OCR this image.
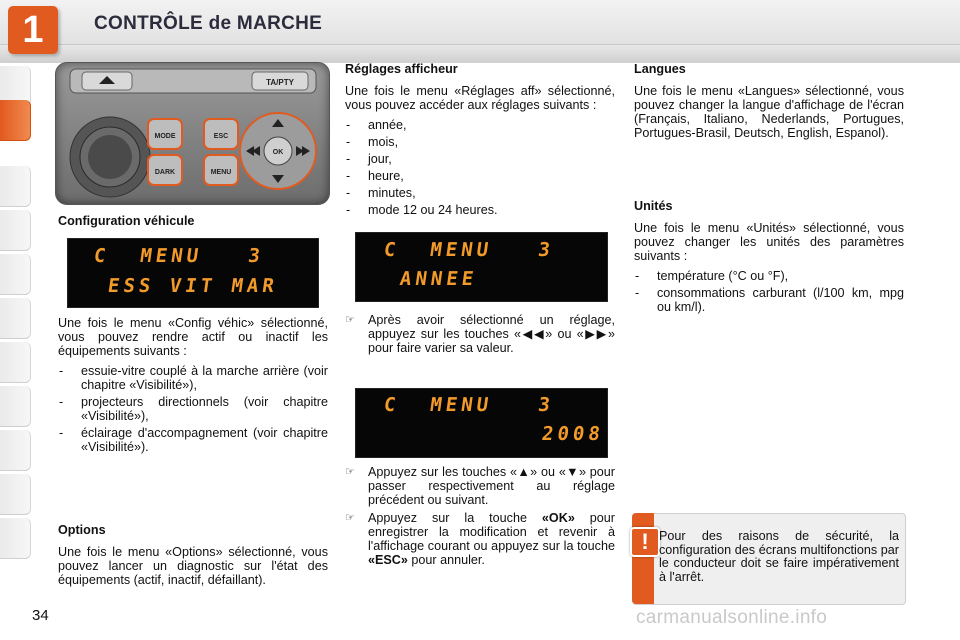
1	CONTRÔLE de MARCHE
TA/PTY
MODE
DARK
ESC
MENU
OK
Configuration véhicule
C  MENU   3
ESS VIT MAR

Une fois le menu «Config véhic» sélectionné, vous pouvez rendre actif ou inactif les équipements suivants :

- essuie-vitre couplé à la marche arrière (voir chapitre «Visibilité»),
- projecteurs directionnels (voir chapitre «Visibilité»),
- éclairage d'accompagnement (voir chapitre «Visibilité»).
Options

Une fois le menu «Options» sélectionné, vous pouvez lancer un diagnostic sur l'état des équipements (actif, inactif, défaillant).

Réglages afficheur

Une fois le menu «Réglages aff» sélectionné, vous pouvez accéder aux réglages suivants :

- année,
- mois,
- jour,
- heure,
- minutes,
- mode 12 ou 24 heures.
C  MENU   3
ANNEE
☞ Après avoir sélectionné un réglage, appuyez sur les touches «◀◀» ou «▶▶» pour faire varier sa valeur.
C  MENU   3
2008
☞ Appuyez sur les touches «▲» ou «▼» pour passer respectivement au réglage précédent ou suivant.
☞ Appuyez sur la touche «OK» pour enregistrer la modification et revenir à l'affichage courant ou appuyez sur la touche «ESC» pour annuler.
Langues

Une fois le menu «Langues» sélectionné, vous pouvez changer la langue d'affichage de l'écran (Français, Italiano, Nederlands, Portugues, Portugues-Brasil, Deutsch, English, Espanol).

Unités

Une fois le menu «Unités» sélectionné, vous pouvez changer les unités des paramètres suivants :

- température (°C ou °F),
- consommations carburant (l/100 km, mpg ou km/l).
! Pour des raisons de sécurité, la configuration des écrans multifonctions par le conducteur doit se faire impérativement à l'arrêt.
34	carmanualsonline.info
